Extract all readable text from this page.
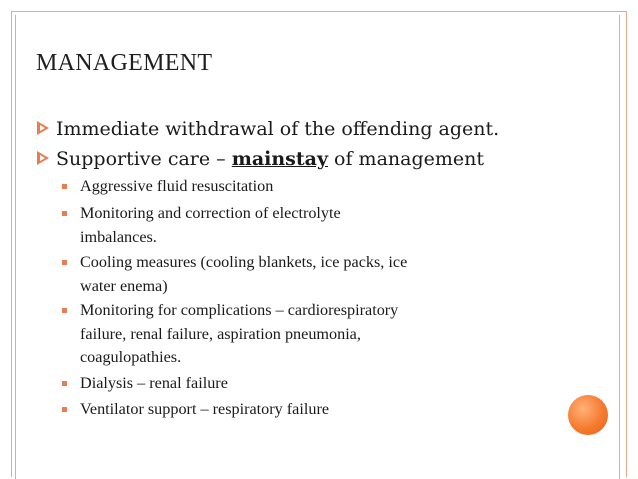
MANAGEMENT
Immediate withdrawal of the offending agent.
Supportive care – mainstay of management
Aggressive fluid resuscitation
Monitoring and correction of electrolyte
imbalances.
Cooling measures (cooling blankets, ice packs, ice
water enema)
Monitoring for complications – cardiorespiratory
failure, renal failure, aspiration pneumonia,
coagulopathies.
Dialysis – renal failure
Ventilator support – respiratory failure
